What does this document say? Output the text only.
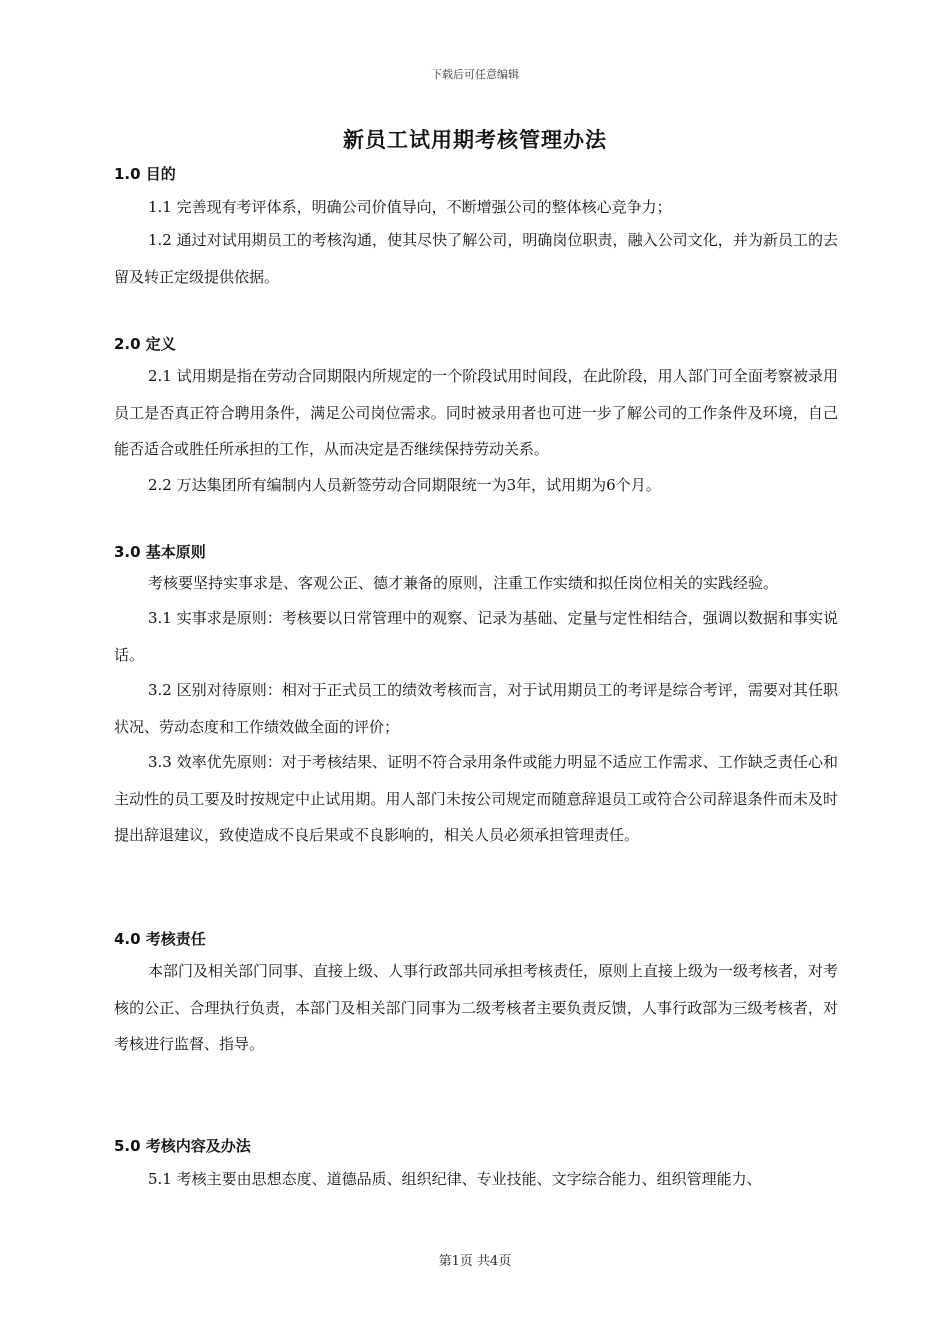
下载后可任意编辑
新员工试用期考核管理办法
1.0 目的

1.1 完善现有考评体系，明确公司价值导向，不断增强公司的整体核心竞争力；

1.2 通过对试用期员工的考核沟通，使其尽快了解公司，明确岗位职责，融入公司文化，并为新员工的去留及转正定级提供依据。

2.0 定义

2.1 试用期是指在劳动合同期限内所规定的一个阶段试用时间段，在此阶段，用人部门可全面考察被录用员工是否真正符合聘用条件，满足公司岗位需求。同时被录用者也可进一步了解公司的工作条件及环境，自己能否适合或胜任所承担的工作，从而决定是否继续保持劳动关系。

2.2 万达集团所有编制内人员新签劳动合同期限统一为3年，试用期为6个月。

3.0 基本原则

考核要坚持实事求是、客观公正、德才兼备的原则，注重工作实绩和拟任岗位相关的实践经验。

3.1 实事求是原则：考核要以日常管理中的观察、记录为基础、定量与定性相结合，强调以数据和事实说话。

3.2 区别对待原则：相对于正式员工的绩效考核而言，对于试用期员工的考评是综合考评，需要对其任职状况、劳动态度和工作绩效做全面的评价；

3.3 效率优先原则：对于考核结果、证明不符合录用条件或能力明显不适应工作需求、工作缺乏责任心和主动性的员工要及时按规定中止试用期。用人部门未按公司规定而随意辞退员工或符合公司辞退条件而未及时提出辞退建议，致使造成不良后果或不良影响的，相关人员必须承担管理责任。

4.0 考核责任

本部门及相关部门同事、直接上级、人事行政部共同承担考核责任，原则上直接上级为一级考核者，对考核的公正、合理执行负责，本部门及相关部门同事为二级考核者主要负责反馈，人事行政部为三级考核者，对考核进行监督、指导。

5.0 考核内容及办法

5.1 考核主要由思想态度、道德品质、组织纪律、专业技能、文字综合能力、组织管理能力、

第1页 共4页
